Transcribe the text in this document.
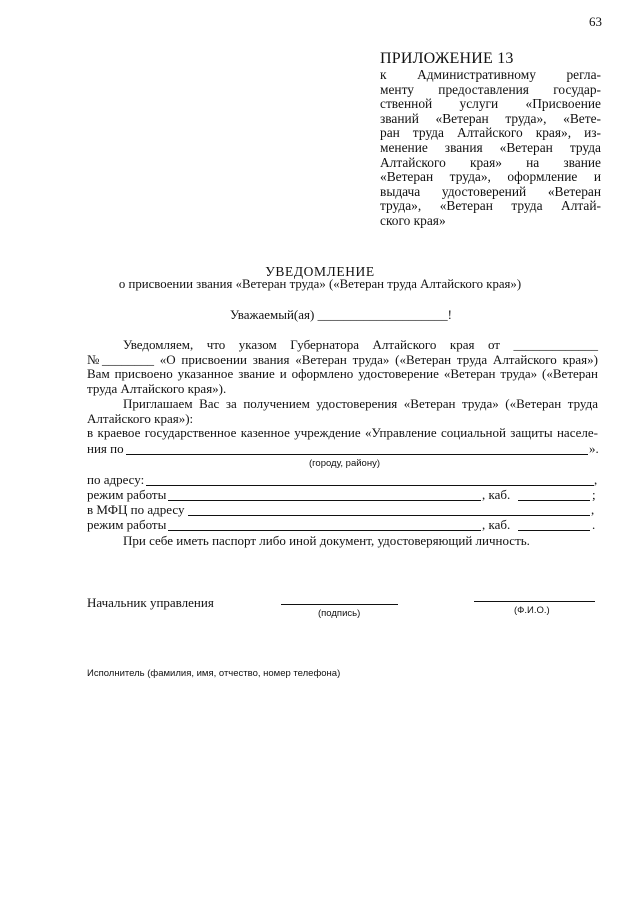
63
ПРИЛОЖЕНИЕ 13
к Административному регла-
менту предоставления государ-
ственной услуги «Присвоение
званий «Ветеран труда», «Вете-
ран труда Алтайского края», из-
менение звания «Ветеран труда
Алтайского края» на звание
«Ветеран труда», оформление и
выдача удостоверений «Ветеран
труда», «Ветеран труда Алтай-
ского края»
УВЕДОМЛЕНИЕ
о присвоении звания «Ветеран труда» («Ветеран труда Алтайского края»)
Уважаемый(ая) ____________________!
Уведомляем, что указом Губернатора Алтайского края от _____________
№________ «О присвоении звания «Ветеран труда» («Ветеран труда Алтайского края»)
Вам присвоено указанное звание и оформлено удостоверение «Ветеран труда» («Ветеран
труда Алтайского края»).
Приглашаем Вас за получением удостоверения «Ветеран труда» («Ветеран труда
Алтайского края»):
в краевое государственное казенное учреждение «Управление социальной защиты населе-
ния по	».
(городу, району)
по адресу:	,
режим работы	, каб.	;
в МФЦ по адресу	,
режим работы	, каб.	.
При себе иметь паспорт либо иной документ, удостоверяющий личность.
Начальник управления
(подпись)	(Ф.И.О.)
Исполнитель (фамилия, имя, отчество, номер телефона)
